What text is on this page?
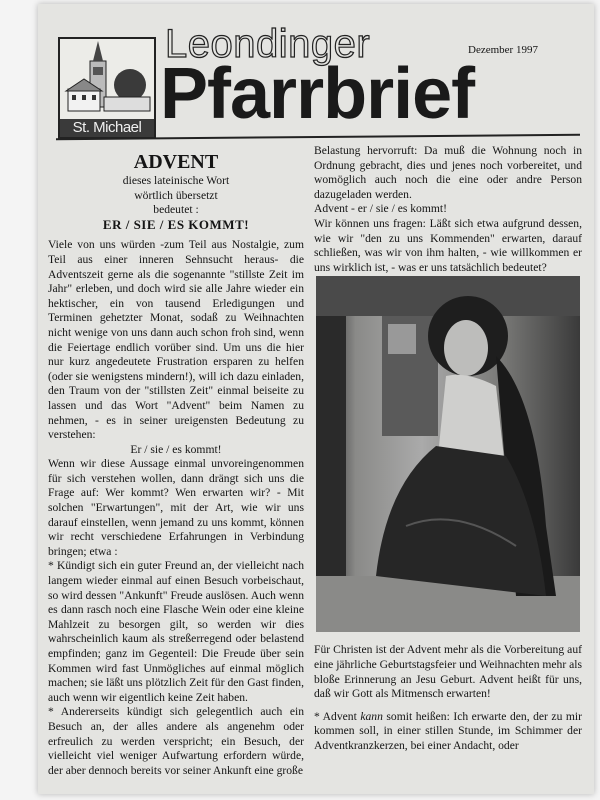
St. Michael
Leondinger
Pfarrbrief
Dezember 1997

ADVENT

dieses lateinische Wort

wörtlich übersetzt

bedeutet :

ER / SIE / ES KOMMT!

Viele von uns würden -zum Teil aus Nostalgie, zum Teil aus einer inneren Sehnsucht heraus- die Adventszeit gerne als die sogenannte "stillste Zeit im Jahr" erleben, und doch wird sie alle Jahre wieder ein hektischer, ein von tausend Erledigungen und Terminen gehetzter Monat, sodaß zu Weihnachten nicht wenige von uns dann auch schon froh sind, wenn die Feiertage endlich vorüber sind. Um uns die hier nur kurz angedeutete Frustration ersparen zu helfen (oder sie wenigstens mindern!), will ich dazu einladen, den Traum von der "stillsten Zeit" einmal beiseite zu lassen und das Wort "Advent" beim Namen zu nehmen, - es in seiner ureigensten Bedeutung zu verstehen:

Er / sie / es kommt!

Wenn wir diese Aussage einmal unvoreingenommen für sich verstehen wollen, dann drängt sich uns die Frage auf: Wer kommt? Wen erwarten wir? - Mit solchen "Erwartungen", mit der Art, wie wir uns darauf einstellen, wenn jemand zu uns kommt, können wir recht verschiedene Erfahrungen in Verbindung bringen; etwa :

* Kündigt sich ein guter Freund an, der vielleicht nach langem wieder einmal auf einen Besuch vorbeischaut, so wird dessen "Ankunft" Freude auslösen. Auch wenn es dann rasch noch eine Flasche Wein oder eine kleine Mahlzeit zu besorgen gilt, so werden wir dies wahrscheinlich kaum als streßerregend oder belastend empfinden; ganz im Gegenteil: Die Freude über sein Kommen wird fast Unmögliches auf einmal möglich machen; sie läßt uns plötzlich Zeit für den Gast finden, auch wenn wir eigentlich keine Zeit haben.

* Andererseits kündigt sich gelegentlich auch ein Besuch an, der alles andere als angenehm oder erfreulich zu werden verspricht; ein Besuch, der vielleicht viel weniger Aufwartung erfordern würde, der aber dennoch bereits vor seiner Ankunft eine große

Belastung hervorruft: Da muß die Wohnung noch in Ordnung gebracht, dies und jenes noch vorbereitet, und womöglich auch noch die eine oder andre Person dazugeladen werden.

Advent - er / sie / es kommt!

Wir können uns fragen: Läßt sich etwa aufgrund dessen, wie wir "den zu uns Kommenden" erwarten, darauf schließen, was wir von ihm halten, - wie willkommen er uns wirklich ist, - was er uns tatsächlich bedeutet?

Für Christen ist der Advent mehr als die Vorbereitung auf eine jährliche Geburtstagsfeier und Weihnachten mehr als bloße Erinnerung an Jesu Geburt. Advent heißt für uns, daß wir Gott als Mitmensch erwarten!

* Advent kann somit heißen: Ich erwarte den, der zu mir kommen soll, in einer stillen Stunde, im Schimmer der Adventkranzkerzen, bei einer Andacht, oder
